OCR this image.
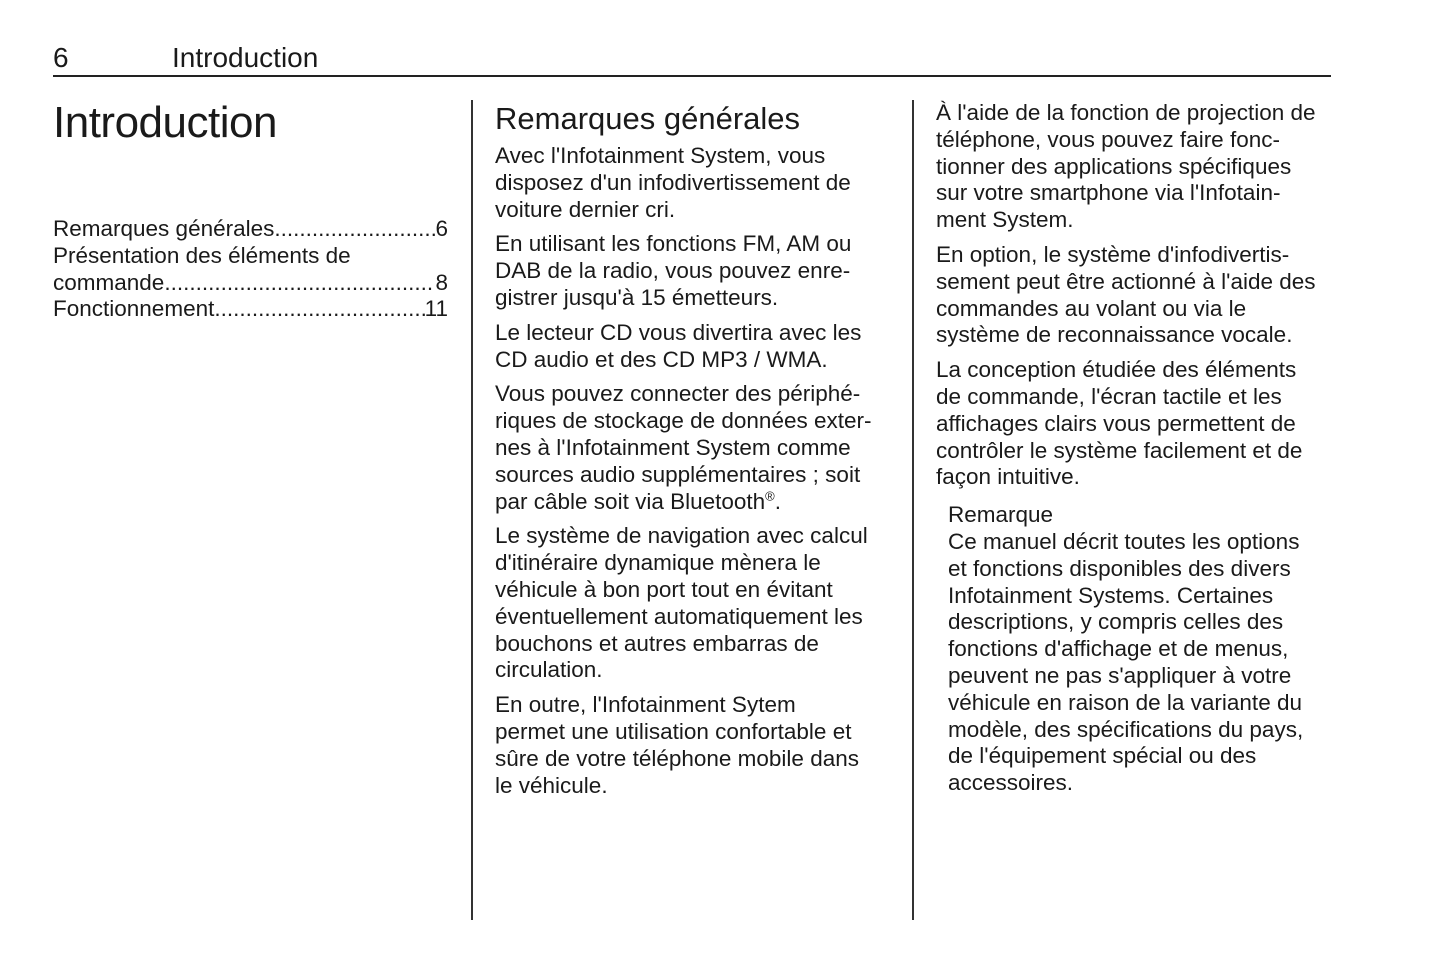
6	Introduction
Introduction
Remarques générales .....	6
Présentation des éléments de
commande .....	8
Fonctionnement .....	11
Remarques générales
Avec l'Infotainment System, vous
disposez d'un infodivertissement de
voiture dernier cri.
En utilisant les fonctions FM, AM ou
DAB de la radio, vous pouvez enre-
gistrer jusqu'à 15 émetteurs.
Le lecteur CD vous divertira avec les
CD audio et des CD MP3 / WMA.
Vous pouvez connecter des périphé-
riques de stockage de données exter-
nes à l'Infotainment System comme
sources audio supplémentaires ; soit
par câble soit via Bluetooth®.
Le système de navigation avec calcul
d'itinéraire dynamique mènera le
véhicule à bon port tout en évitant
éventuellement automatiquement les
bouchons et autres embarras de
circulation.
En outre, l'Infotainment Sytem
permet une utilisation confortable et
sûre de votre téléphone mobile dans
le véhicule.
À l'aide de la fonction de projection de
téléphone, vous pouvez faire fonc-
tionner des applications spécifiques
sur votre smartphone via l'Infotain-
ment System.
En option, le système d'infodivertis-
sement peut être actionné à l'aide des
commandes au volant ou via le
système de reconnaissance vocale.
La conception étudiée des éléments
de commande, l'écran tactile et les
affichages clairs vous permettent de
contrôler le système facilement et de
façon intuitive.
Remarque
Ce manuel décrit toutes les options
et fonctions disponibles des divers
Infotainment Systems. Certaines
descriptions, y compris celles des
fonctions d'affichage et de menus,
peuvent ne pas s'appliquer à votre
véhicule en raison de la variante du
modèle, des spécifications du pays,
de l'équipement spécial ou des
accessoires.
